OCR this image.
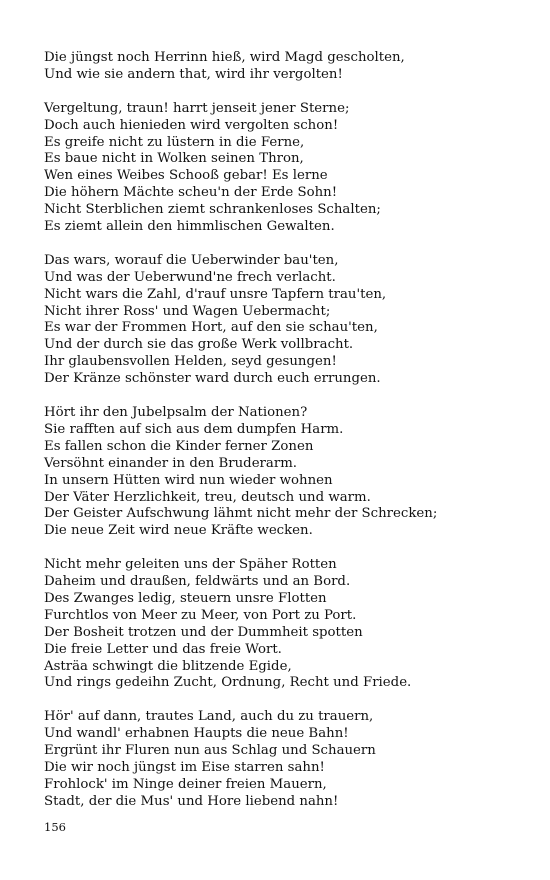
Die jüngst noch Herrinn hieß, wird Magd gescholten,
Und wie sie andern that, wird ihr vergolten!
Vergeltung, traun! harrt jenseit jener Sterne;
Doch auch hienieden wird vergolten schon!
Es greife nicht zu lüstern in die Ferne,
Es baue nicht in Wolken seinen Thron,
Wen eines Weibes Schooß gebar! Es lerne
Die höhern Mächte scheu'n der Erde Sohn!
Nicht Sterblichen ziemt schrankenloses Schalten;
Es ziemt allein den himmlischen Gewalten.
Das wars, worauf die Ueberwinder bau'ten,
Und was der Ueberwund'ne frech verlacht.
Nicht wars die Zahl, d'rauf unsre Tapfern trau'ten,
Nicht ihrer Ross' und Wagen Uebermacht;
Es war der Frommen Hort, auf den sie schau'ten,
Und der durch sie das große Werk vollbracht.
Ihr glaubensvollen Helden, seyd gesungen!
Der Kränze schönster ward durch euch errungen.
Hört ihr den Jubelpsalm der Nationen?
Sie rafften auf sich aus dem dumpfen Harm.
Es fallen schon die Kinder ferner Zonen
Versöhnt einander in den Bruderarm.
In unsern Hütten wird nun wieder wohnen
Der Väter Herzlichkeit, treu, deutsch und warm.
Der Geister Aufschwung lähmt nicht mehr der Schrecken;
Die neue Zeit wird neue Kräfte wecken.
Nicht mehr geleiten uns der Späher Rotten
Daheim und draußen, feldwärts und an Bord.
Des Zwanges ledig, steuern unsre Flotten
Furchtlos von Meer zu Meer, von Port zu Port.
Der Bosheit trotzen und der Dummheit spotten
Die freie Letter und das freie Wort.
Asträa schwingt die blitzende Egide,
Und rings gedeihn Zucht, Ordnung, Recht und Friede.
Hör' auf dann, trautes Land, auch du zu trauern,
Und wandl' erhabnen Haupts die neue Bahn!
Ergrünt ihr Fluren nun aus Schlag und Schauern
Die wir noch jüngst im Eise starren sahn!
Frohlock' im Ninge deiner freien Mauern,
Stadt, der die Mus' und Hore liebend nahn!
156
